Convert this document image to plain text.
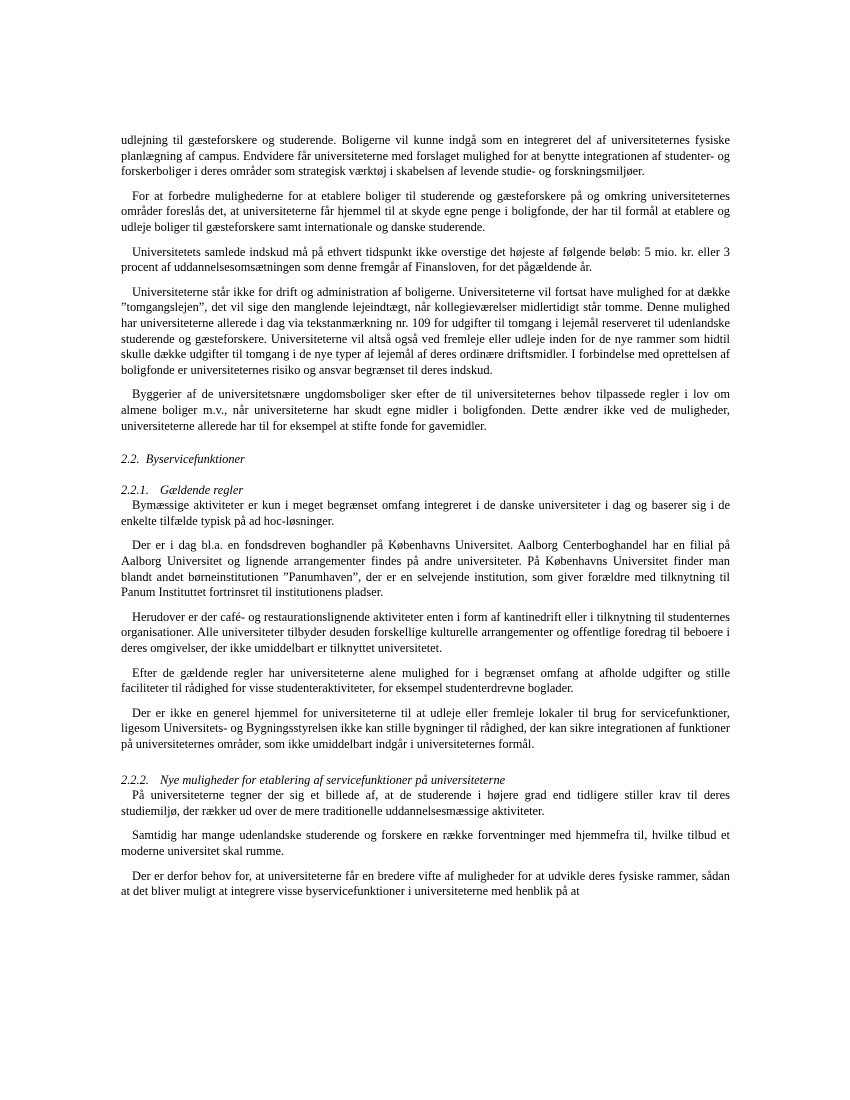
udlejning til gæsteforskere og studerende. Boligerne vil kunne indgå som en integreret del af universiteternes fysiske planlægning af campus. Endvidere får universiteterne med forslaget mulighed for at benytte integrationen af studenter- og forskerboliger i deres områder som strategisk værktøj i skabelsen af levende studie- og forskningsmiljøer.

For at forbedre mulighederne for at etablere boliger til studerende og gæsteforskere på og omkring universiteternes områder foreslås det, at universiteterne får hjemmel til at skyde egne penge i boligfonde, der har til formål at etablere og udleje boliger til gæsteforskere samt internationale og danske studerende.

Universitetets samlede indskud må på ethvert tidspunkt ikke overstige det højeste af følgende beløb: 5 mio. kr. eller 3 procent af uddannelsesomsætningen som denne fremgår af Finansloven, for det pågældende år.

Universiteterne står ikke for drift og administration af boligerne. Universiteterne vil fortsat have mulighed for at dække ”tomgangslejen”, det vil sige den manglende lejeindtægt, når kollegieværelser midlertidigt står tomme. Denne mulighed har universiteterne allerede i dag via tekstanmærkning nr. 109 for udgifter til tomgang i lejemål reserveret til udenlandske studerende og gæsteforskere. Universiteterne vil altså også ved fremleje eller udleje inden for de nye rammer som hidtil skulle dække udgifter til tomgang i de nye typer af lejemål af deres ordinære driftsmidler. I forbindelse med oprettelsen af boligfonde er universiteternes risiko og ansvar begrænset til deres indskud.

Byggerier af de universitetsnære ungdomsboliger sker efter de til universiteternes behov tilpassede regler i lov om almene boliger m.v., når universiteterne har skudt egne midler i boligfonden. Dette ændrer ikke ved de muligheder, universiteterne allerede har til for eksempel at stifte fonde for gavemidler.

2.2. Byservicefunktioner
2.2.1. Gældende regler

Bymæssige aktiviteter er kun i meget begrænset omfang integreret i de danske universiteter i dag og baserer sig i de enkelte tilfælde typisk på ad hoc-løsninger.

Der er i dag bl.a. en fondsdreven boghandler på Københavns Universitet. Aalborg Centerboghandel har en filial på Aalborg Universitet og lignende arrangementer findes på andre universiteter. På Københavns Universitet finder man blandt andet børneinstitutionen ”Panumhaven”, der er en selvejende institution, som giver forældre med tilknytning til Panum Instituttet fortrinsret til institutionens pladser.

Herudover er der café- og restaurationslignende aktiviteter enten i form af kantinedrift eller i tilknytning til studenternes organisationer. Alle universiteter tilbyder desuden forskellige kulturelle arrangementer og offentlige foredrag til beboere i deres omgivelser, der ikke umiddelbart er tilknyttet universitetet.

Efter de gældende regler har universiteterne alene mulighed for i begrænset omfang at afholde udgifter og stille faciliteter til rådighed for visse studenteraktiviteter, for eksempel studenterdrevne boglader.

Der er ikke en generel hjemmel for universiteterne til at udleje eller fremleje lokaler til brug for servicefunktioner, ligesom Universitets- og Bygningsstyrelsen ikke kan stille bygninger til rådighed, der kan sikre integrationen af funktioner på universiteternes områder, som ikke umiddelbart indgår i universiteternes formål.

2.2.2. Nye muligheder for etablering af servicefunktioner på universiteterne

På universiteterne tegner der sig et billede af, at de studerende i højere grad end tidligere stiller krav til deres studiemiljø, der rækker ud over de mere traditionelle uddannelsesmæssige aktiviteter.

Samtidig har mange udenlandske studerende og forskere en række forventninger med hjemmefra til, hvilke tilbud et moderne universitet skal rumme.

Der er derfor behov for, at universiteterne får en bredere vifte af muligheder for at udvikle deres fysiske rammer, sådan at det bliver muligt at integrere visse byservicefunktioner i universiteterne med henblik på at
